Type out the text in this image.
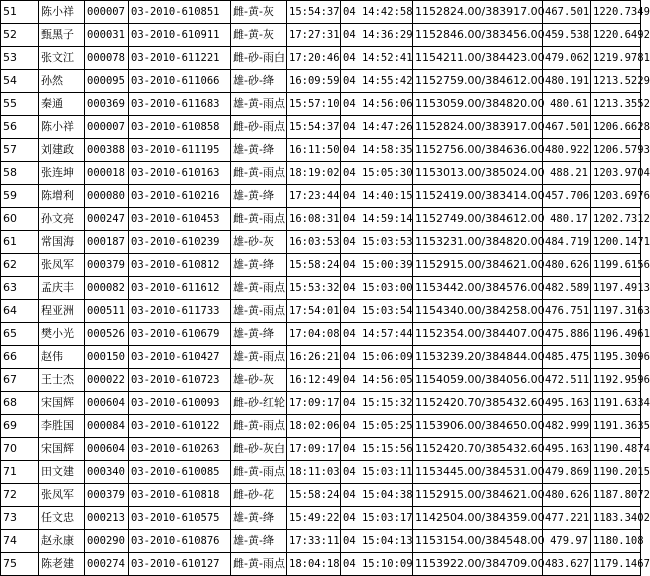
51	陈小祥	000007	03-2010-610851	雌-黄-灰	15:54:37	04 14:42:58	1152824.00/383917.00	467.501	1220.7349
52	甄黑子	000031	03-2010-610911	雌-黄-灰	17:27:31	04 14:36:29	1152846.00/383456.00	459.538	1220.6492
53	张文江	000078	03-2010-611221	雌-砂-雨白	17:20:46	04 14:52:41	1154211.00/384423.00	479.062	1219.9781
54	孙然	000095	03-2010-611066	雄-砂-绛	16:09:59	04 14:55:42	1152759.00/384612.00	480.191	1213.5229
55	秦通	000369	03-2010-611683	雄-黄-雨点	15:57:10	04 14:56:06	1153059.00/384820.00	480.61	1213.3552
56	陈小祥	000007	03-2010-610858	雌-砂-雨点	15:54:37	04 14:47:26	1152824.00/383917.00	467.501	1206.6628
57	刘建政	000388	03-2010-611195	雄-黄-绛	16:11:50	04 14:58:35	1152756.00/384636.00	480.922	1206.5793
58	张连坤	000018	03-2010-610163	雌-黄-雨点	18:19:02	04 15:05:30	1153013.00/385024.00	488.21	1203.9704
59	陈增利	000080	03-2010-610216	雄-黄-绛	17:23:44	04 14:40:15	1152419.00/383414.00	457.706	1203.6976
60	孙文亮	000247	03-2010-610453	雌-黄-雨点	16:08:31	04 14:59:14	1152749.00/384612.00	480.17	1202.7312
61	常国海	000187	03-2010-610239	雄-砂-灰	16:03:53	04 15:03:53	1153231.00/384820.00	484.719	1200.1471
62	张凤军	000379	03-2010-610812	雄-黄-绛	15:58:24	04 15:00:39	1152915.00/384621.00	480.626	1199.6156
63	孟庆丰	000082	03-2010-611612	雄-黄-雨点	15:53:32	04 15:03:00	1153442.00/384576.00	482.589	1197.4913
64	程亚洲	000511	03-2010-611733	雄-黄-雨点	17:54:01	04 15:03:54	1154340.00/384258.00	476.751	1197.3163
65	樊小光	000526	03-2010-610679	雄-黄-绛	17:04:08	04 14:57:44	1152354.00/384407.00	475.886	1196.4961
66	赵伟	000150	03-2010-610427	雄-黄-雨点	16:26:21	04 15:06:09	1153239.20/384844.00	485.475	1195.3096
67	王士杰	000022	03-2010-610723	雄-砂-灰	16:12:49	04 14:56:05	1154059.00/384056.00	472.511	1192.9596
68	宋国辉	000604	03-2010-610093	雌-砂-红轮	17:09:17	04 15:15:32	1152420.70/385432.60	495.163	1191.6334
69	李胜国	000084	03-2010-610122	雌-黄-雨点	18:02:06	04 15:05:25	1153906.00/384650.00	482.999	1191.3635
70	宋国辉	000604	03-2010-610263	雌-砂-灰白	17:09:17	04 15:15:56	1152420.70/385432.60	495.163	1190.4874
71	田文建	000340	03-2010-610085	雌-黄-雨点	18:11:03	04 15:03:11	1153445.00/384531.00	479.869	1190.2015
72	张凤军	000379	03-2010-610818	雌-砂-花	15:58:24	04 15:04:38	1152915.00/384621.00	480.626	1187.8072
73	任文忠	000213	03-2010-610575	雄-黄-绛	15:49:22	04 15:03:17	1142504.00/384359.00	477.221	1183.3402
74	赵永康	000290	03-2010-610876	雄-黄-绛	17:33:11	04 15:04:13	1153154.00/384548.00	479.97	1180.108
75	陈老建	000274	03-2010-610127	雌-黄-雨点	18:04:18	04 15:10:09	1153922.00/384709.00	483.627	1179.1467
